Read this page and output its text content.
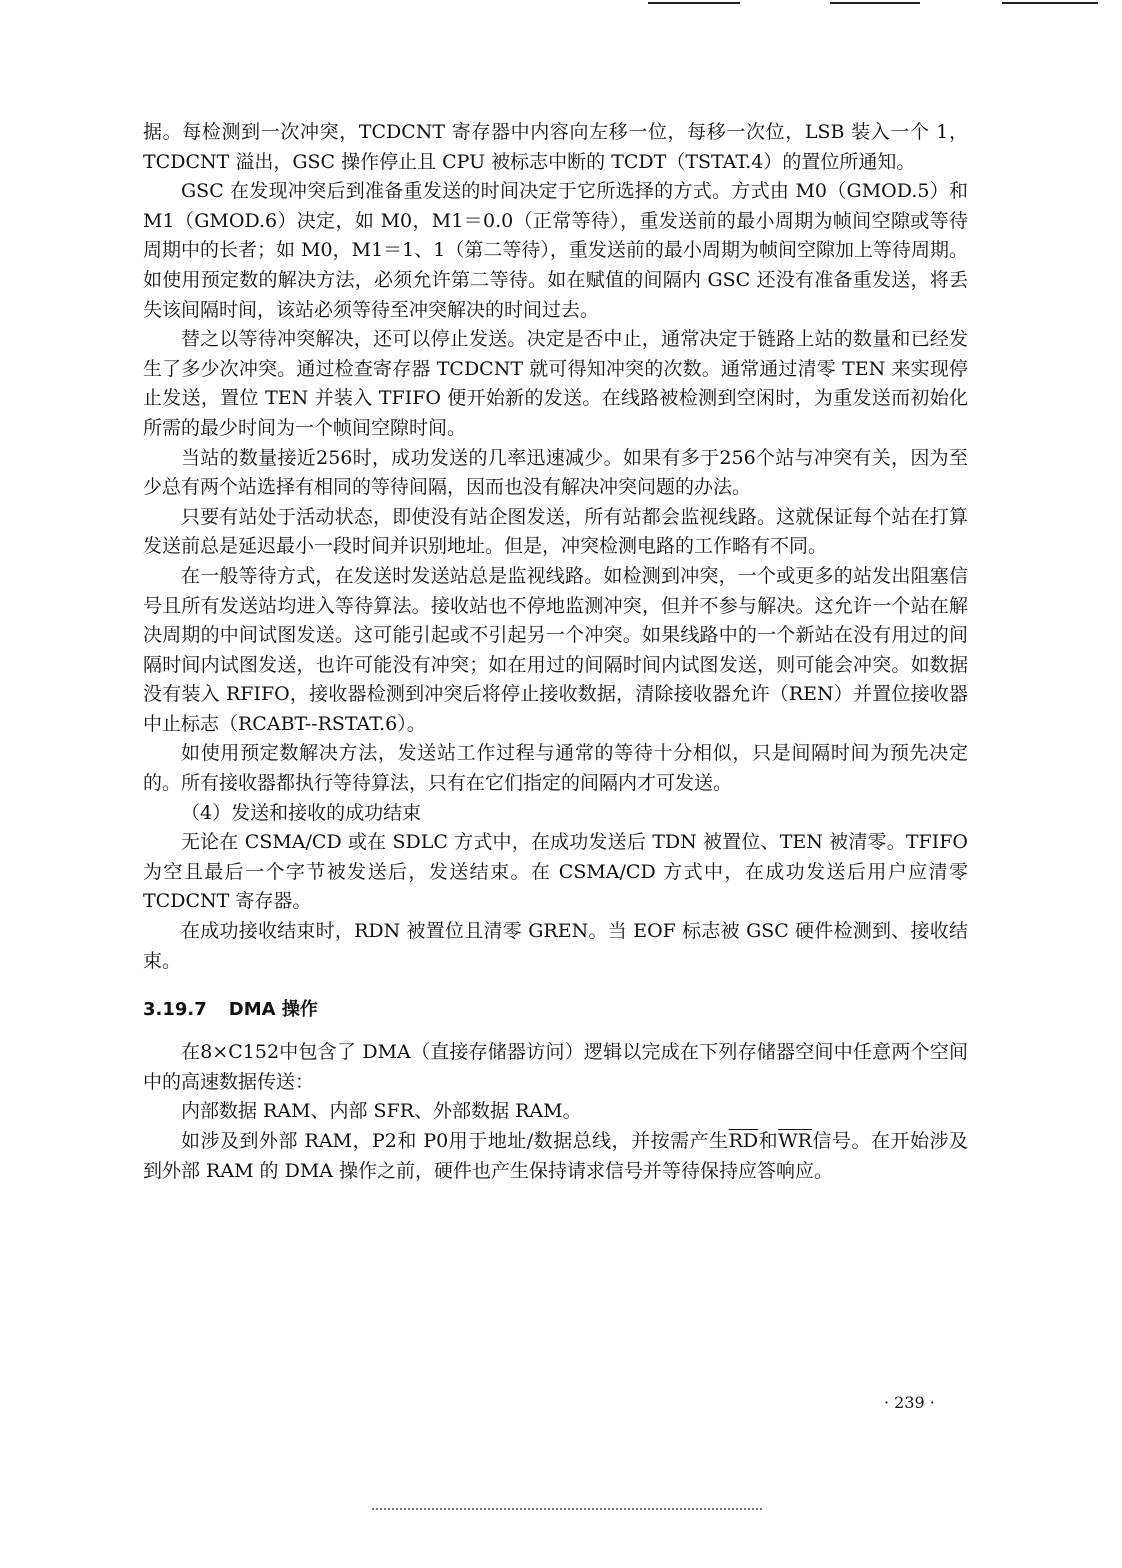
据。每检测到一次冲突，TCDCNT 寄存器中内容向左移一位，每移一次位，LSB 装入一个 1，TCDCNT 溢出，GSC 操作停止且 CPU 被标志中断的 TCDT（TSTAT.4）的置位所通知。

GSC 在发现冲突后到准备重发送的时间决定于它所选择的方式。方式由 M0（GMOD.5）和 M1（GMOD.6）决定，如 M0，M1＝0.0（正常等待），重发送前的最小周期为帧间空隙或等待周期中的长者；如 M0，M1＝1、1（第二等待），重发送前的最小周期为帧间空隙加上等待周期。如使用预定数的解决方法，必须允许第二等待。如在赋值的间隔内 GSC 还没有准备重发送，将丢失该间隔时间，该站必须等待至冲突解决的时间过去。

替之以等待冲突解决，还可以停止发送。决定是否中止，通常决定于链路上站的数量和已经发生了多少次冲突。通过检查寄存器 TCDCNT 就可得知冲突的次数。通常通过清零 TEN 来实现停止发送，置位 TEN 并装入 TFIFO 便开始新的发送。在线路被检测到空闲时，为重发送而初始化所需的最少时间为一个帧间空隙时间。

当站的数量接近256时，成功发送的几率迅速减少。如果有多于256个站与冲突有关，因为至少总有两个站选择有相同的等待间隔，因而也没有解决冲突问题的办法。

只要有站处于活动状态，即使没有站企图发送，所有站都会监视线路。这就保证每个站在打算发送前总是延迟最小一段时间并识别地址。但是，冲突检测电路的工作略有不同。

在一般等待方式，在发送时发送站总是监视线路。如检测到冲突，一个或更多的站发出阻塞信号且所有发送站均进入等待算法。接收站也不停地监测冲突，但并不参与解决。这允许一个站在解决周期的中间试图发送。这可能引起或不引起另一个冲突。如果线路中的一个新站在没有用过的间隔时间内试图发送，也许可能没有冲突；如在用过的间隔时间内试图发送，则可能会冲突。如数据没有装入 RFIFO，接收器检测到冲突后将停止接收数据，清除接收器允许（REN）并置位接收器中止标志（RCABT--RSTAT.6）。

如使用预定数解决方法，发送站工作过程与通常的等待十分相似，只是间隔时间为预先决定的。所有接收器都执行等待算法，只有在它们指定的间隔内才可发送。

（4）发送和接收的成功结束

无论在 CSMA/CD 或在 SDLC 方式中，在成功发送后 TDN 被置位、TEN 被清零。TFIFO 为空且最后一个字节被发送后，发送结束。在 CSMA/CD 方式中，在成功发送后用户应清零 TCDCNT 寄存器。

在成功接收结束时，RDN 被置位且清零 GREN。当 EOF 标志被 GSC 硬件检测到、接收结束。

3.19.7 DMA 操作

在8×C152中包含了 DMA（直接存储器访问）逻辑以完成在下列存储器空间中任意两个空间中的高速数据传送：

内部数据 RAM、内部 SFR、外部数据 RAM。

如涉及到外部 RAM，P2和 P0用于地址/数据总线，并按需产生$\overline{RD}$和$\overline{WR}$信号。在开始涉及到外部 RAM 的 DMA 操作之前，硬件也产生保持请求信号并等待保持应答响应。

· 239 ·
